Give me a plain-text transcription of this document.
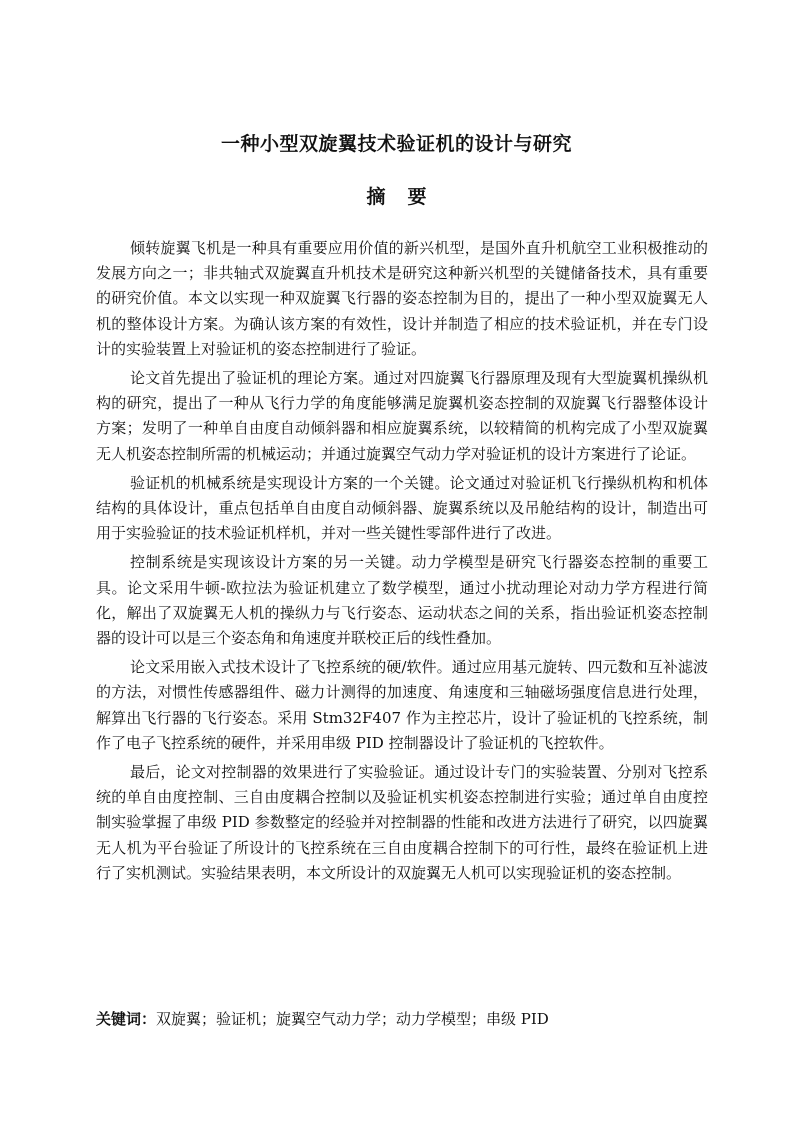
一种小型双旋翼技术验证机的设计与研究
摘 要

倾转旋翼飞机是一种具有重要应用价值的新兴机型，是国外直升机航空工业积极推动的发展方向之一；非共轴式双旋翼直升机技术是研究这种新兴机型的关键储备技术，具有重要的研究价值。本文以实现一种双旋翼飞行器的姿态控制为目的，提出了一种小型双旋翼无人机的整体设计方案。为确认该方案的有效性，设计并制造了相应的技术验证机，并在专门设计的实验装置上对验证机的姿态控制进行了验证。

论文首先提出了验证机的理论方案。通过对四旋翼飞行器原理及现有大型旋翼机操纵机构的研究，提出了一种从飞行力学的角度能够满足旋翼机姿态控制的双旋翼飞行器整体设计方案；发明了一种单自由度自动倾斜器和相应旋翼系统，以较精简的机构完成了小型双旋翼无人机姿态控制所需的机械运动；并通过旋翼空气动力学对验证机的设计方案进行了论证。

验证机的机械系统是实现设计方案的一个关键。论文通过对验证机飞行操纵机构和机体结构的具体设计，重点包括单自由度自动倾斜器、旋翼系统以及吊舱结构的设计，制造出可用于实验验证的技术验证机样机，并对一些关键性零部件进行了改进。

控制系统是实现该设计方案的另一关键。动力学模型是研究飞行器姿态控制的重要工具。论文采用牛顿-欧拉法为验证机建立了数学模型，通过小扰动理论对动力学方程进行简化，解出了双旋翼无人机的操纵力与飞行姿态、运动状态之间的关系，指出验证机姿态控制器的设计可以是三个姿态角和角速度并联校正后的线性叠加。

论文采用嵌入式技术设计了飞控系统的硬/软件。通过应用基元旋转、四元数和互补滤波的方法，对惯性传感器组件、磁力计测得的加速度、角速度和三轴磁场强度信息进行处理，解算出飞行器的飞行姿态。采用 Stm32F407 作为主控芯片，设计了验证机的飞控系统，制作了电子飞控系统的硬件，并采用串级 PID 控制器设计了验证机的飞控软件。

最后，论文对控制器的效果进行了实验验证。通过设计专门的实验装置、分别对飞控系统的单自由度控制、三自由度耦合控制以及验证机实机姿态控制进行实验；通过单自由度控制实验掌握了串级 PID 参数整定的经验并对控制器的性能和改进方法进行了研究，以四旋翼无人机为平台验证了所设计的飞控系统在三自由度耦合控制下的可行性，最终在验证机上进行了实机测试。实验结果表明，本文所设计的双旋翼无人机可以实现验证机的姿态控制。

关键词：双旋翼；验证机；旋翼空气动力学；动力学模型；串级 PID
